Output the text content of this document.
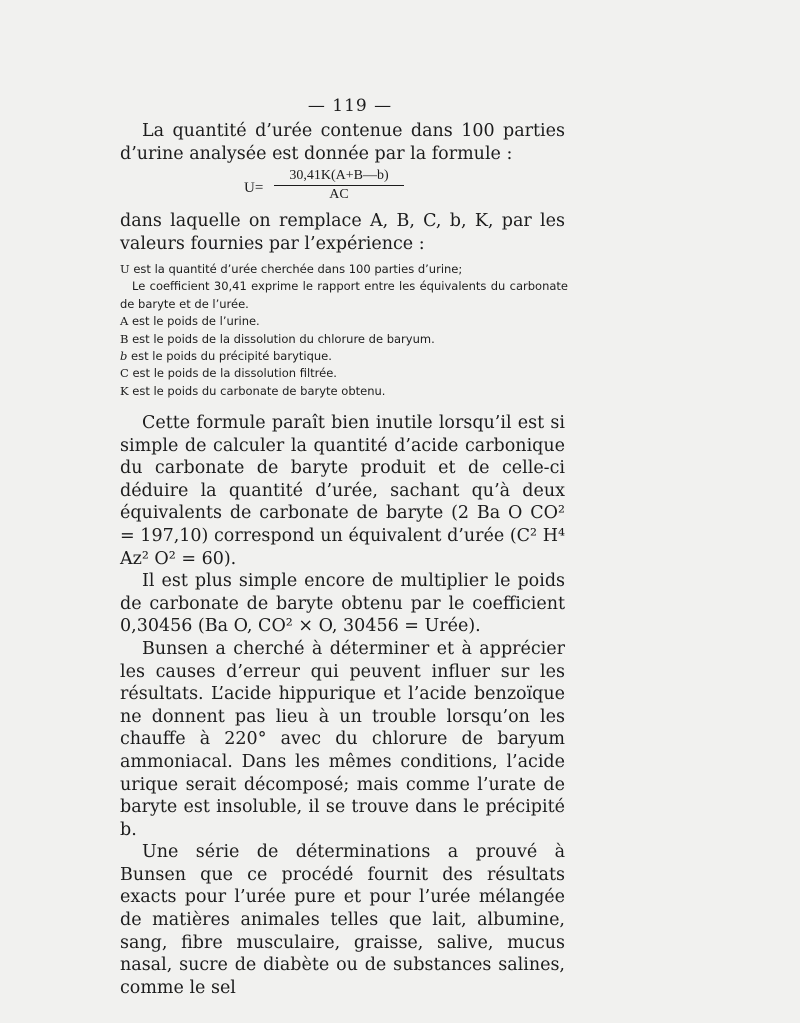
— 119 —

La quantité d’urée contenue dans 100 parties d’urine analysée est donnée par la formule :

U=
30,41K(A+B—b)
AC

dans laquelle on remplace A, B, C, b, K, par les valeurs fournies par l’expérience :

U est la quantité d’urée cherchée dans 100 parties d’urine;

Le coefficient 30,41 exprime le rapport entre les équivalents du carbonate de baryte et de l’urée.

A est le poids de l’urine.

B est le poids de la dissolution du chlorure de baryum.

b est le poids du précipité barytique.

C est le poids de la dissolution filtrée.

K est le poids du carbonate de baryte obtenu.

Cette formule paraît bien inutile lorsqu’il est si simple de calculer la quantité d’acide carbonique du carbonate de baryte produit et de celle-ci déduire la quantité d’urée, sachant qu’à deux équivalents de carbonate de baryte (2 Ba O CO² = 197,10) correspond un équivalent d’urée (C² H⁴ Az² O² = 60).

Il est plus simple encore de multiplier le poids de carbonate de baryte obtenu par le coefficient 0,30456 (Ba O, CO² × O, 30456 = Urée).

Bunsen a cherché à déterminer et à apprécier les causes d’erreur qui peuvent influer sur les résultats. L’acide hippurique et l’acide benzoïque ne donnent pas lieu à un trouble lorsqu’on les chauffe à 220° avec du chlorure de baryum ammoniacal. Dans les mêmes conditions, l’acide urique serait décomposé; mais comme l’urate de baryte est insoluble, il se trouve dans le précipité b.

Une série de déterminations a prouvé à Bunsen que ce procédé fournit des résultats exacts pour l’urée pure et pour l’urée mélangée de matières animales telles que lait, albumine, sang, fibre musculaire, graisse, salive, mucus nasal, sucre de diabète ou de substances salines, comme le sel
